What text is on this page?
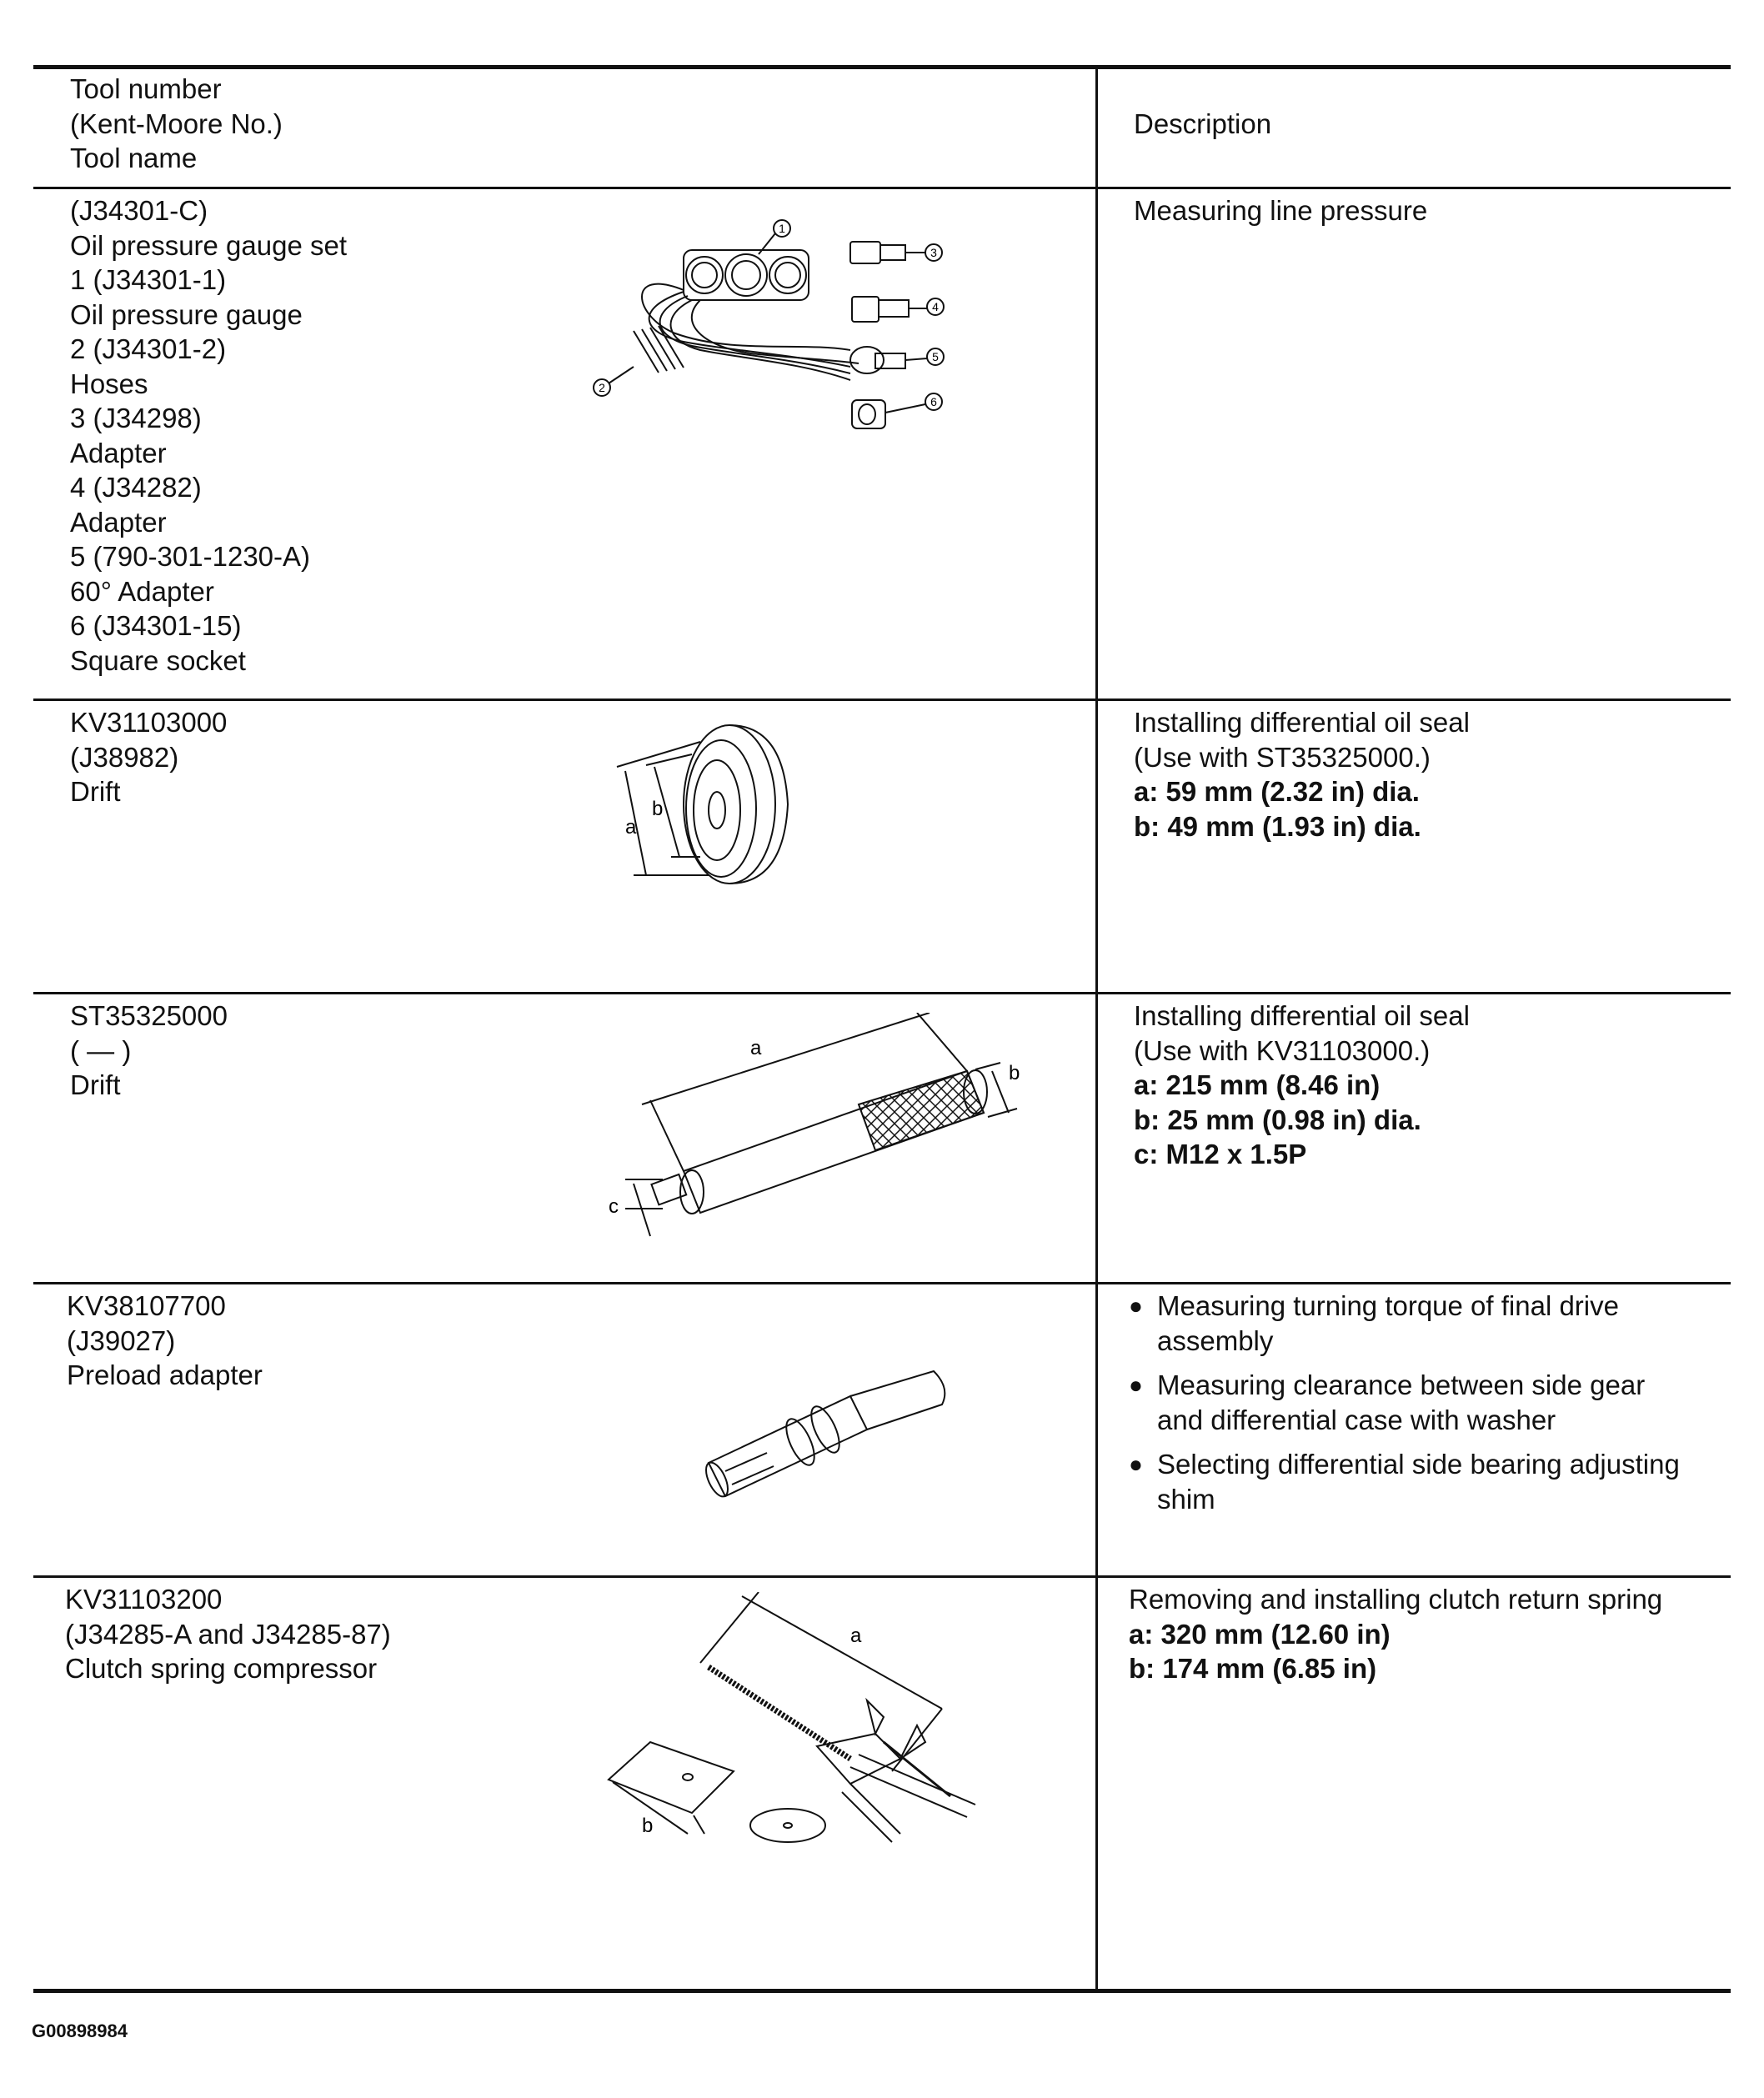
Tool number
(Kent-Moore No.)
Tool name
Description
(J34301-C)
Oil pressure gauge set
1 (J34301-1)
Oil pressure gauge
2 (J34301-2)
Hoses
3 (J34298)
Adapter
4 (J34282)
Adapter
5 (790-301-1230-A)
60° Adapter
6 (J34301-15)
Square socket
Measuring line pressure
1
2
3
4
5
6
KV31103000
(J38982)
Drift
Installing differential oil seal
(Use with ST35325000.)
a: 59 mm (2.32 in) dia.
b: 49 mm (1.93 in) dia.
a
b
ST35325000
( — )
Drift
Installing differential oil seal
(Use with KV31103000.)
a: 215 mm (8.46 in)
b: 25 mm (0.98 in) dia.
c: M12 x 1.5P
a
b
c
KV38107700
(J39027)
Preload adapter
● Measuring turning torque of final drive assembly
● Measuring clearance between side gear and differential case with washer
● Selecting differential side bearing adjusting shim
KV31103200
(J34285-A and J34285-87)
Clutch spring compressor
Removing and installing clutch return spring
a: 320 mm (12.60 in)
b: 174 mm (6.85 in)
a
b
G00898984
